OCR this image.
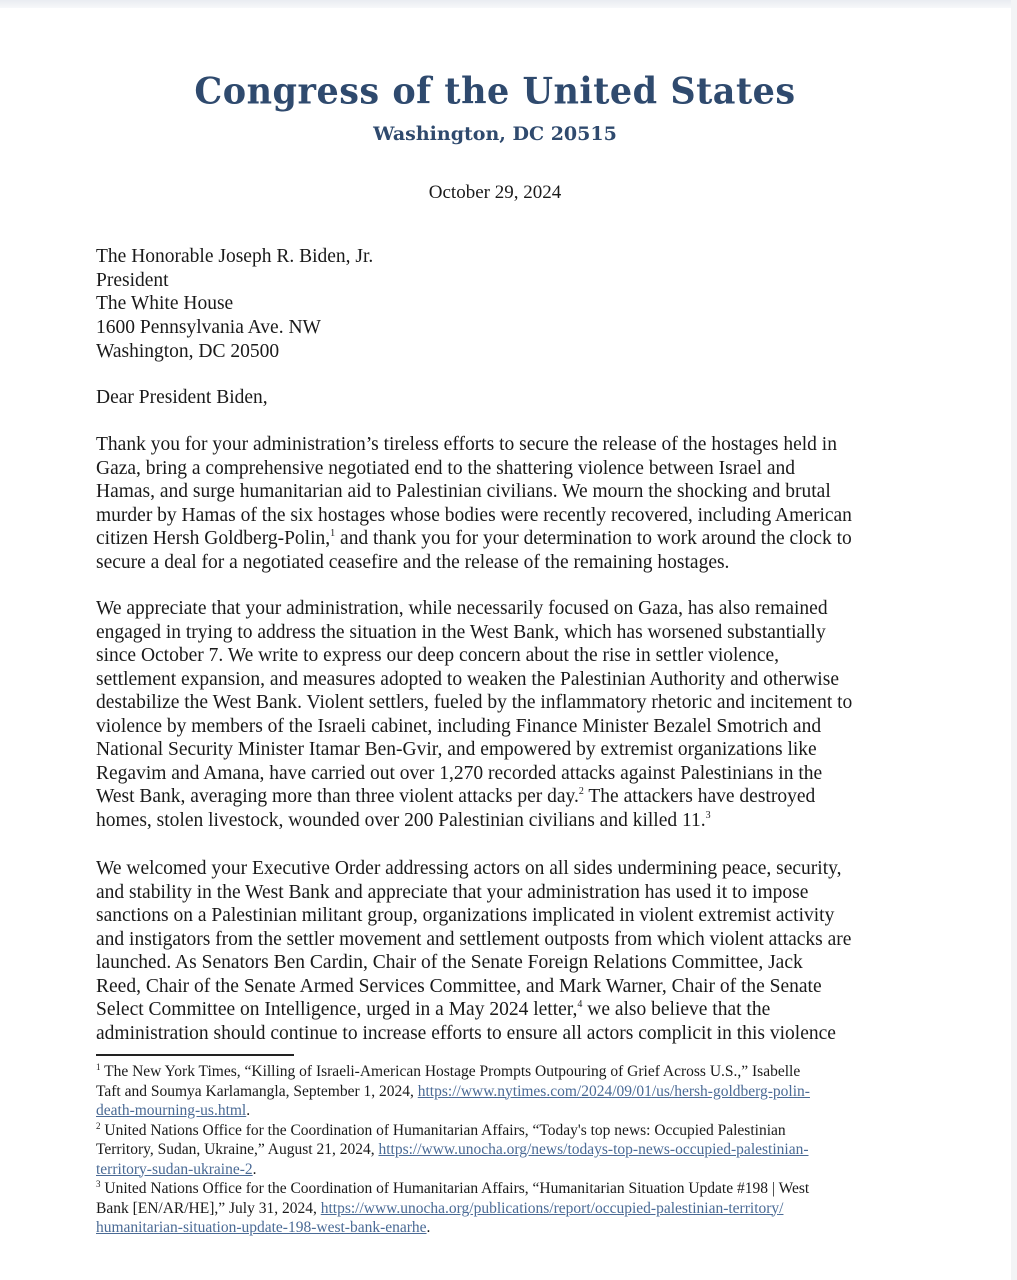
Congress of the United States
Washington, DC 20515
October 29, 2024
The Honorable Joseph R. Biden, Jr.
President
The White House
1600 Pennsylvania Ave. NW
Washington, DC 20500
Dear President Biden,
Thank you for your administration’s tireless efforts to secure the release of the hostages held in
Gaza, bring a comprehensive negotiated end to the shattering violence between Israel and
Hamas, and surge humanitarian aid to Palestinian civilians. We mourn the shocking and brutal
murder by Hamas of the six hostages whose bodies were recently recovered, including American
citizen Hersh Goldberg-Polin,$^1$ and thank you for your determination to work around the clock to
secure a deal for a negotiated ceasefire and the release of the remaining hostages.
We appreciate that your administration, while necessarily focused on Gaza, has also remained
engaged in trying to address the situation in the West Bank, which has worsened substantially
since October 7. We write to express our deep concern about the rise in settler violence,
settlement expansion, and measures adopted to weaken the Palestinian Authority and otherwise
destabilize the West Bank. Violent settlers, fueled by the inflammatory rhetoric and incitement to
violence by members of the Israeli cabinet, including Finance Minister Bezalel Smotrich and
National Security Minister Itamar Ben-Gvir, and empowered by extremist organizations like
Regavim and Amana, have carried out over 1,270 recorded attacks against Palestinians in the
West Bank, averaging more than three violent attacks per day.$^2$ The attackers have destroyed
homes, stolen livestock, wounded over 200 Palestinian civilians and killed 11.$^3$
We welcomed your Executive Order addressing actors on all sides undermining peace, security,
and stability in the West Bank and appreciate that your administration has used it to impose
sanctions on a Palestinian militant group, organizations implicated in violent extremist activity
and instigators from the settler movement and settlement outposts from which violent attacks are
launched. As Senators Ben Cardin, Chair of the Senate Foreign Relations Committee, Jack
Reed, Chair of the Senate Armed Services Committee, and Mark Warner, Chair of the Senate
Select Committee on Intelligence, urged in a May 2024 letter,$^4$ we also believe that the
administration should continue to increase efforts to ensure all actors complicit in this violence
$^1$ The New York Times, “Killing of Israeli-American Hostage Prompts Outpouring of Grief Across U.S.,” Isabelle
Taft and Soumya Karlamangla, September 1, 2024, https://www.nytimes.com/2024/09/01/us/hersh-goldberg-polin-
death-mourning-us.html.
$^2$ United Nations Office for the Coordination of Humanitarian Affairs, “Today's top news: Occupied Palestinian
Territory, Sudan, Ukraine,” August 21, 2024, https://www.unocha.org/news/todays-top-news-occupied-palestinian-
territory-sudan-ukraine-2.
$^3$ United Nations Office for the Coordination of Humanitarian Affairs, “Humanitarian Situation Update #198 | West
Bank [EN/AR/HE],” July 31, 2024, https://www.unocha.org/publications/report/occupied-palestinian-territory/
humanitarian-situation-update-198-west-bank-enarhe.
